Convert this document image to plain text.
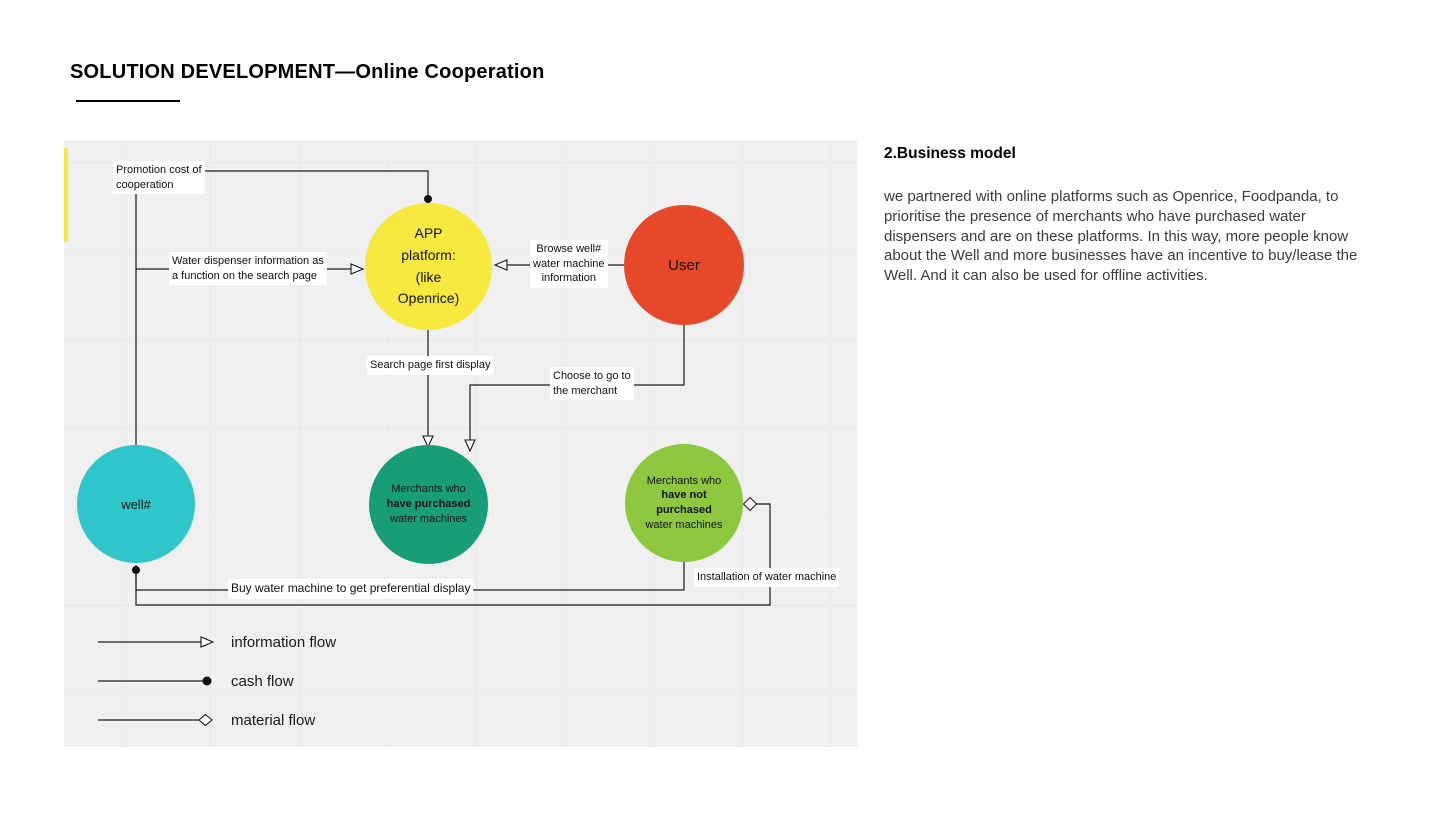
SOLUTION DEVELOPMENT—Online Cooperation
Promotion cost of
cooperation
Water dispenser information as
a function on the search page
Browse well#
water machine
information
Search page first display
Choose to go to
the merchant
Buy water machine to get preferential display
Installation of water machine
APP
platform:
(like
Openrice)
User
well#
Merchants who
have purchased
water machines
Merchants who
have not
purchased
water machines
information flow
cash flow
material flow
2.Business model

we partnered with online platforms such as Openrice, Foodpanda, to prioritise the presence of merchants who have purchased water dispensers and are on these platforms. In this way, more people know about the Well and more businesses have an incentive to buy/lease the Well. And it can also be used for offline activities.
